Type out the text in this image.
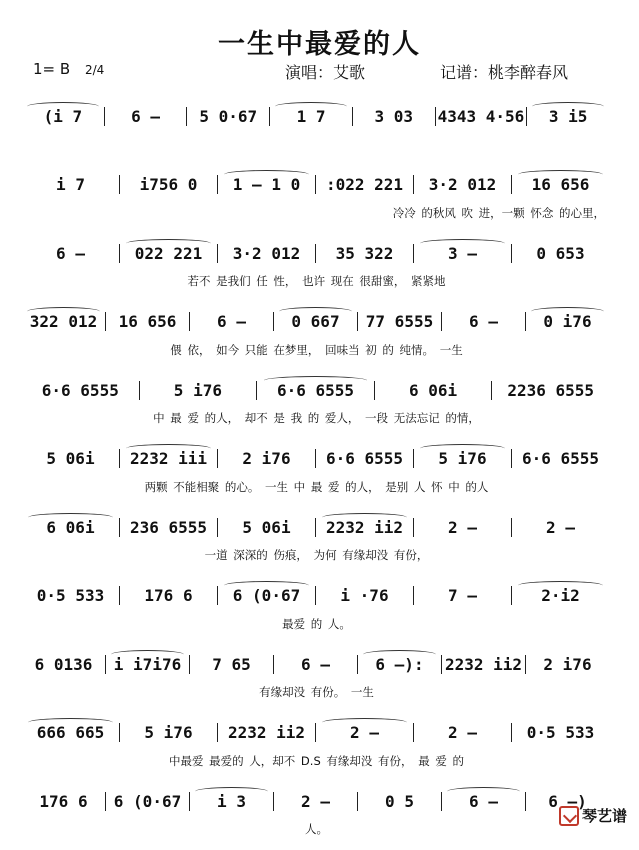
一生中最爱的人
1= B 2/4	演唱：艾歌	记谱：桃李醉春风
(i 7	6 –	5 0·67	1 7	3 03	4343 4·56	3 i5
i 7	i756 0	1 – 1 0	:022 221	3·2 012	16 656
冷冷 的秋风 吹 进，一颗 怀念 的心里，
6 –	022 221	3·2 012	35 322	3 –	0 653
若不 是我们 任 性， 也许 现在 很甜蜜， 紧紧地
322 012	16 656	6 –	0 667	77 6555	6 –	0 i76
偎 依， 如今 只能 在梦里， 回味当 初 的 纯情。 一生
6·6 6555	5 i76	6·6 6555	6 06i	2236 6555
中 最 爱 的人， 却不 是 我 的 爱人， 一段 无法忘记 的情，
5 06i	2232 iii	2 i76	6·6 6555	5 i76	6·6 6555
两颗 不能相聚 的心。 一生 中 最 爱 的人， 是别 人 怀 中 的人
6 06i	236 6555	5 06i	2232 ii2	2 –	2 –
一道 深深的 伤痕， 为何 有缘却没 有份，
0·5 533	176 6	6 (0·67	i ·76	7 –	2·i2
最爱 的 人。
6 0136	i i7i76	7 65	6 –	6 –):	2232 ii2	2 i76
有缘却没 有份。 一生
666 665	5 i76	2232 ii2	2 –	2 –	0·5 533
中最爱 最爱的 人，却不 D.S 有缘却没 有份， 最 爱 的
176 6	6 (0·67	i 3	2 –	0 5	6 –	6 –)
人。
琴艺谱
